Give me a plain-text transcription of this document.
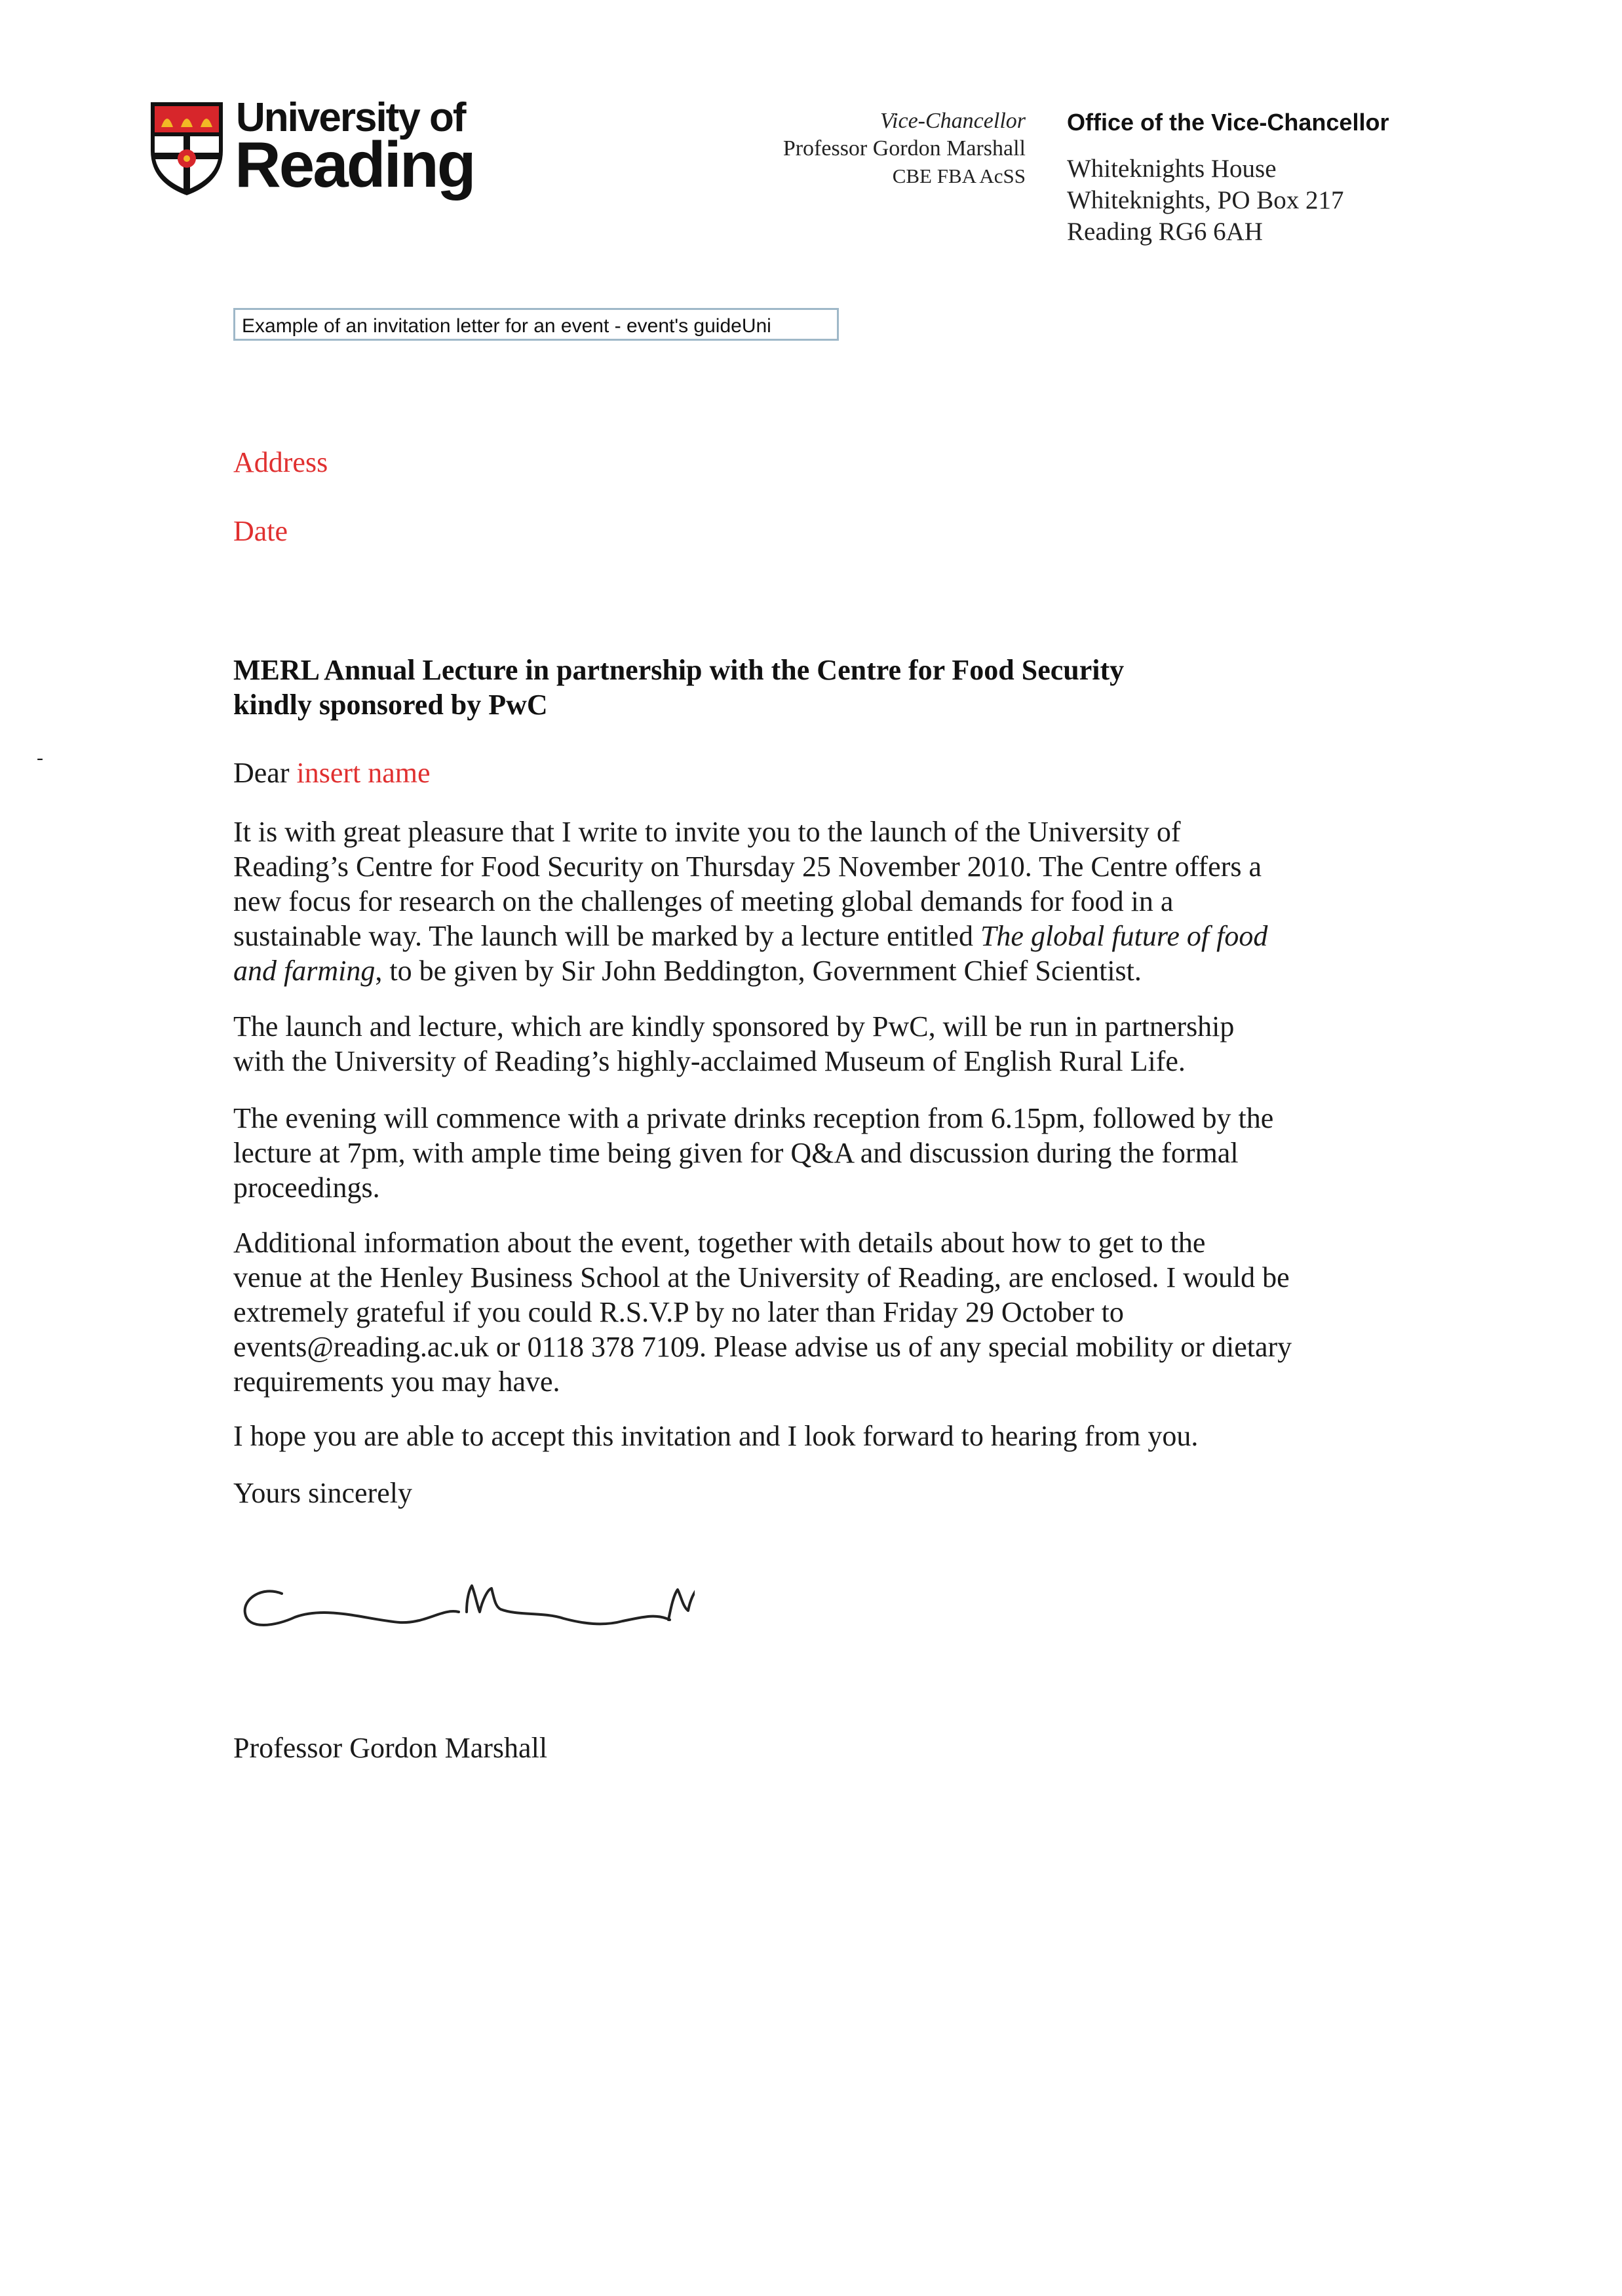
University of
Reading
Vice-Chancellor
Professor Gordon Marshall
CBE FBA AcSS
Office of the Vice-Chancellor
Whiteknights House
Whiteknights, PO Box 217
Reading RG6 6AH
Example of an invitation letter for an event - event's guideUni
Address
Date
MERL Annual Lecture in partnership with the Centre for Food Security
kindly sponsored by PwC
-	Dear insert name
It is with great pleasure that I write to invite you to the launch of the University of
Reading’s Centre for Food Security on Thursday 25 November 2010. The Centre offers a
new focus for research on the challenges of meeting global demands for food in a
sustainable way. The launch will be marked by a lecture entitled The global future of food
and farming, to be given by Sir John Beddington, Government Chief Scientist.
The launch and lecture, which are kindly sponsored by PwC, will be run in partnership
with the University of Reading’s highly-acclaimed Museum of English Rural Life.
The evening will commence with a private drinks reception from 6.15pm, followed by the
lecture at 7pm, with ample time being given for Q&A and discussion during the formal
proceedings.
Additional information about the event, together with details about how to get to the
venue at the Henley Business School at the University of Reading, are enclosed. I would be
extremely grateful if you could R.S.V.P by no later than Friday 29 October to
events@reading.ac.uk or 0118 378 7109. Please advise us of any special mobility or dietary
requirements you may have.
I hope you are able to accept this invitation and I look forward to hearing from you.
Yours sincerely
Professor Gordon Marshall
